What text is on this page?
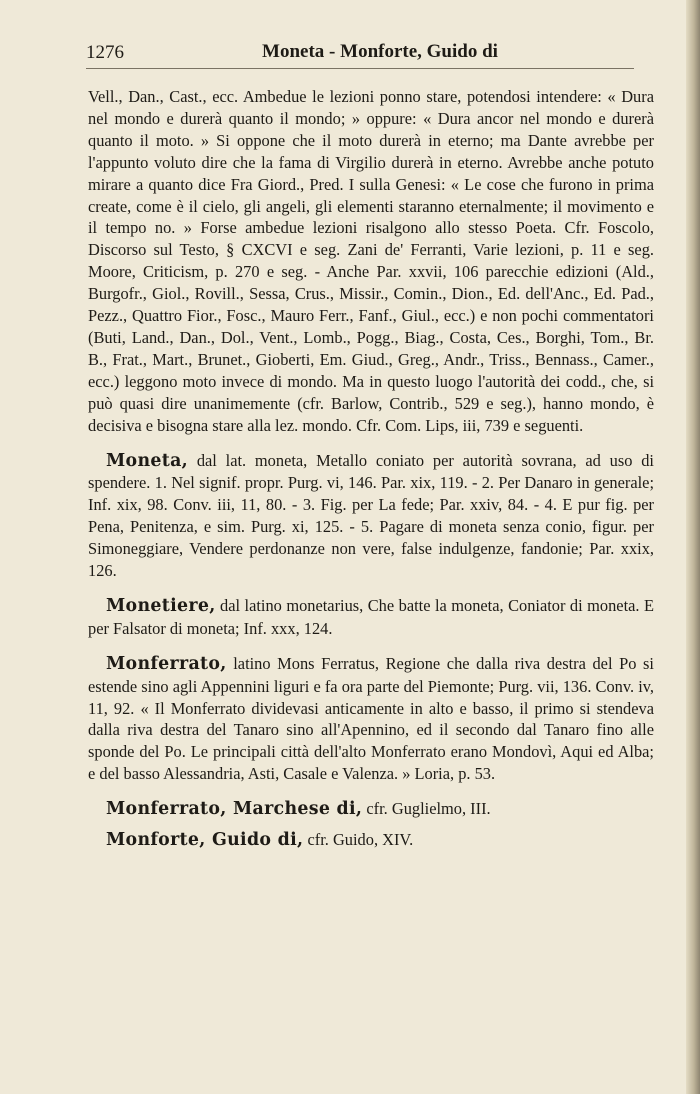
1276	Moneta - Monforte, Guido di

Vell., Dan., Cast., ecc. Ambedue le lezioni ponno stare, potendosi intendere: « Dura nel mondo e durerà quanto il mondo; » oppure: « Dura ancor nel mondo e durerà quanto il moto. » Si oppone che il moto durerà in eterno; ma Dante avrebbe per l'appunto voluto dire che la fama di Virgilio durerà in eterno. Avrebbe anche potuto mirare a quanto dice Fra Giord., Pred. I sulla Genesi: « Le cose che furono in prima create, come è il cielo, gli angeli, gli elementi staranno eternalmente; il movimento e il tempo no. » Forse ambedue lezioni risalgono allo stesso Poeta. Cfr. Foscolo, Discorso sul Testo, § CXCVI e seg. Zani de' Ferranti, Varie lezioni, p. 11 e seg. Moore, Criticism, p. 270 e seg. - Anche Par. xxvii, 106 parecchie edizioni (Ald., Burgofr., Giol., Rovill., Sessa, Crus., Missir., Comin., Dion., Ed. dell'Anc., Ed. Pad., Pezz., Quattro Fior., Fosc., Mauro Ferr., Fanf., Giul., ecc.) e non pochi commentatori (Buti, Land., Dan., Dol., Vent., Lomb., Pogg., Biag., Costa, Ces., Borghi, Tom., Br. B., Frat., Mart., Brunet., Gioberti, Em. Giud., Greg., Andr., Triss., Bennass., Camer., ecc.) leggono moto invece di mondo. Ma in questo luogo l'autorità dei codd., che, si può quasi dire unanimemente (cfr. Barlow, Contrib., 529 e seg.), hanno mondo, è decisiva e bisogna stare alla lez. mondo. Cfr. Com. Lips, iii, 739 e seguenti.

Moneta, dal lat. moneta, Metallo coniato per autorità sovrana, ad uso di spendere. 1. Nel signif. propr. Purg. vi, 146. Par. xix, 119. - 2. Per Danaro in generale; Inf. xix, 98. Conv. iii, 11, 80. - 3. Fig. per La fede; Par. xxiv, 84. - 4. E pur fig. per Pena, Penitenza, e sim. Purg. xi, 125. - 5. Pagare di moneta senza conio, figur. per Simoneggiare, Vendere perdonanze non vere, false indulgenze, fandonie; Par. xxix, 126.

Monetiere, dal latino monetarius, Che batte la moneta, Coniator di moneta. E per Falsator di moneta; Inf. xxx, 124.

Monferrato, latino Mons Ferratus, Regione che dalla riva destra del Po si estende sino agli Appennini liguri e fa ora parte del Piemonte; Purg. vii, 136. Conv. iv, 11, 92. « Il Monferrato dividevasi anticamente in alto e basso, il primo si stendeva dalla riva destra del Tanaro sino all'Apennino, ed il secondo dal Tanaro fino alle sponde del Po. Le principali città dell'alto Monferrato erano Mondovì, Aqui ed Alba; e del basso Alessandria, Asti, Casale e Valenza. » Loria, p. 53.

Monferrato, Marchese di, cfr. Guglielmo, III.

Monforte, Guido di, cfr. Guido, XIV.
